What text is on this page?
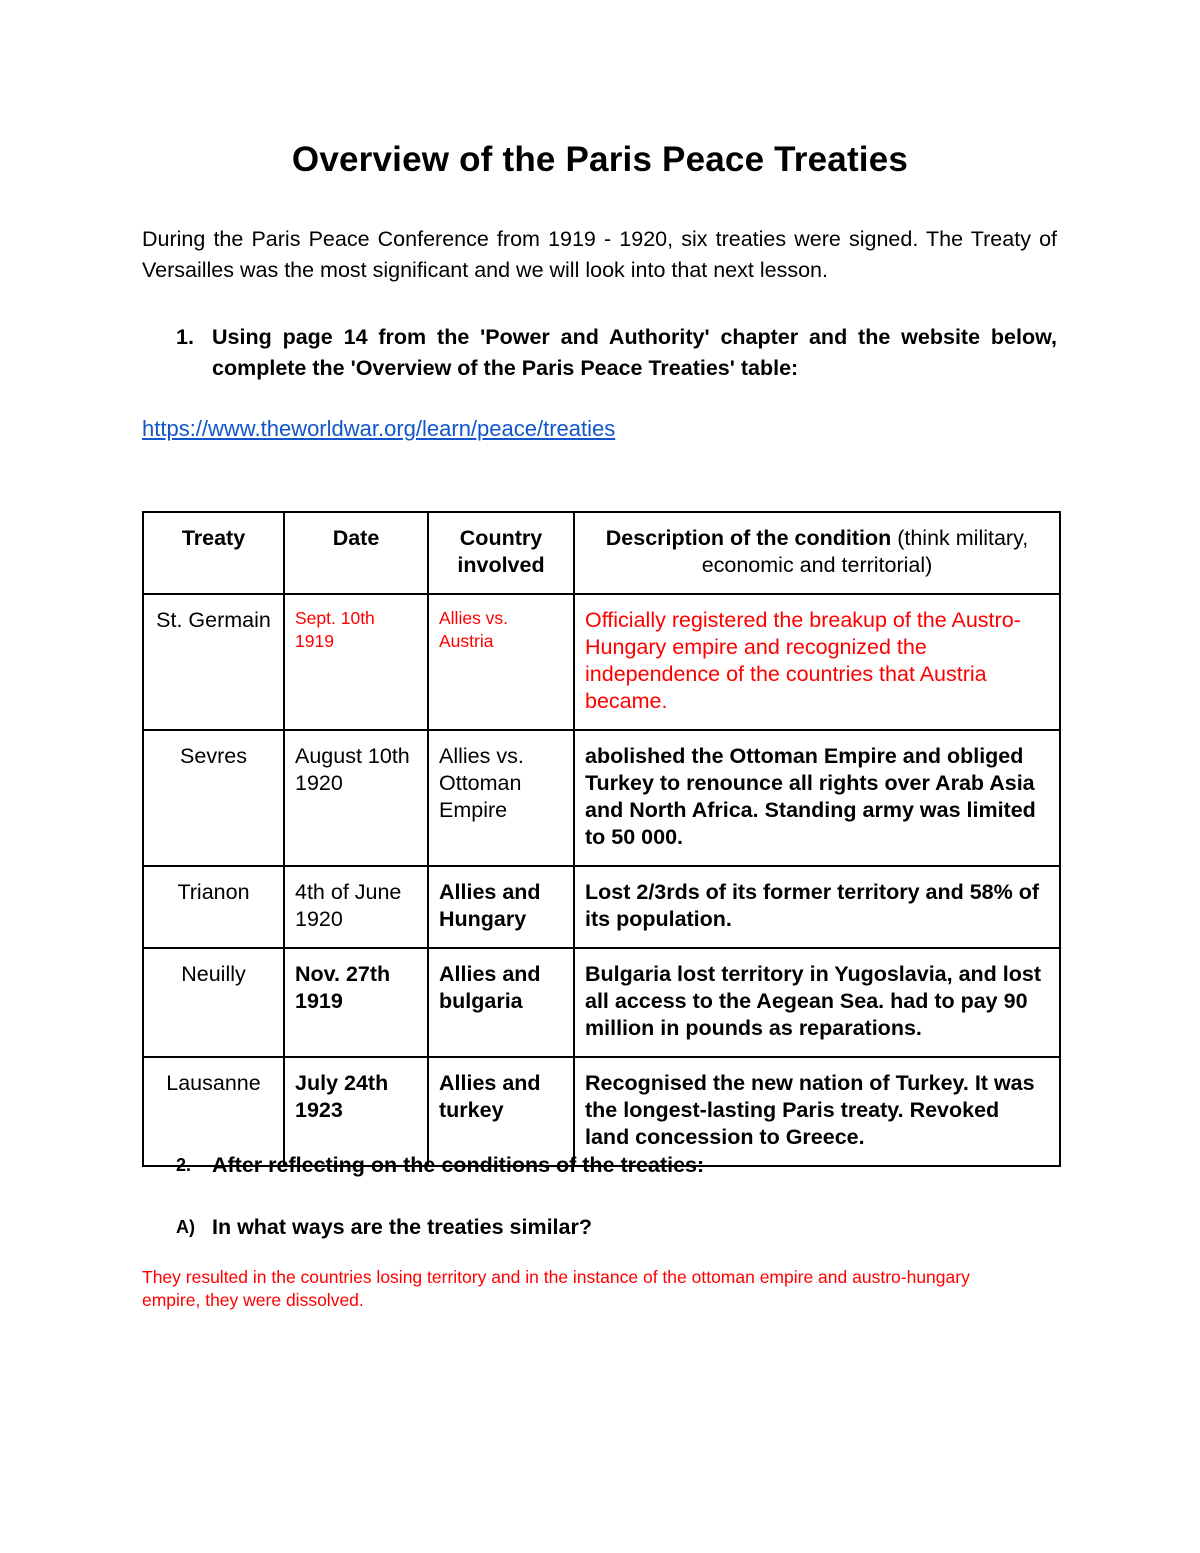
Overview of the Paris Peace Treaties

During the Paris Peace Conference from 1919 - 1920, six treaties were signed. The Treaty of Versailles was the most significant and we will look into that next lesson.

1. Using page 14 from the 'Power and Authority' chapter and the website below, complete the 'Overview of the Paris Peace Treaties' table:
https://www.theworldwar.org/learn/peace/treaties
Treaty	Date	Country involved	Description of the condition (think military, economic and territorial)
St. Germain	Sept. 10th 1919	Allies vs. Austria	Officially registered the breakup of the Austro-Hungary empire and recognized the independence of the countries that Austria became.
Sevres	August 10th 1920	Allies vs. Ottoman Empire	abolished the Ottoman Empire and obliged Turkey to renounce all rights over Arab Asia and North Africa. Standing army was limited to 50 000.
Trianon	4th of June 1920	Allies and Hungary	Lost 2/3rds of its former territory and 58% of its population.
Neuilly	Nov. 27th 1919	Allies and bulgaria	Bulgaria lost territory in Yugoslavia, and lost all access to the Aegean Sea. had to pay 90 million in pounds as reparations.
Lausanne	July 24th 1923	Allies and turkey	Recognised the new nation of Turkey. It was the longest-lasting Paris treaty. Revoked land concession to Greece.
2. After reflecting on the conditions of the treaties:
A) In what ways are the treaties similar?

They resulted in the countries losing territory and in the instance of the ottoman empire and austro-hungary empire, they were dissolved.
